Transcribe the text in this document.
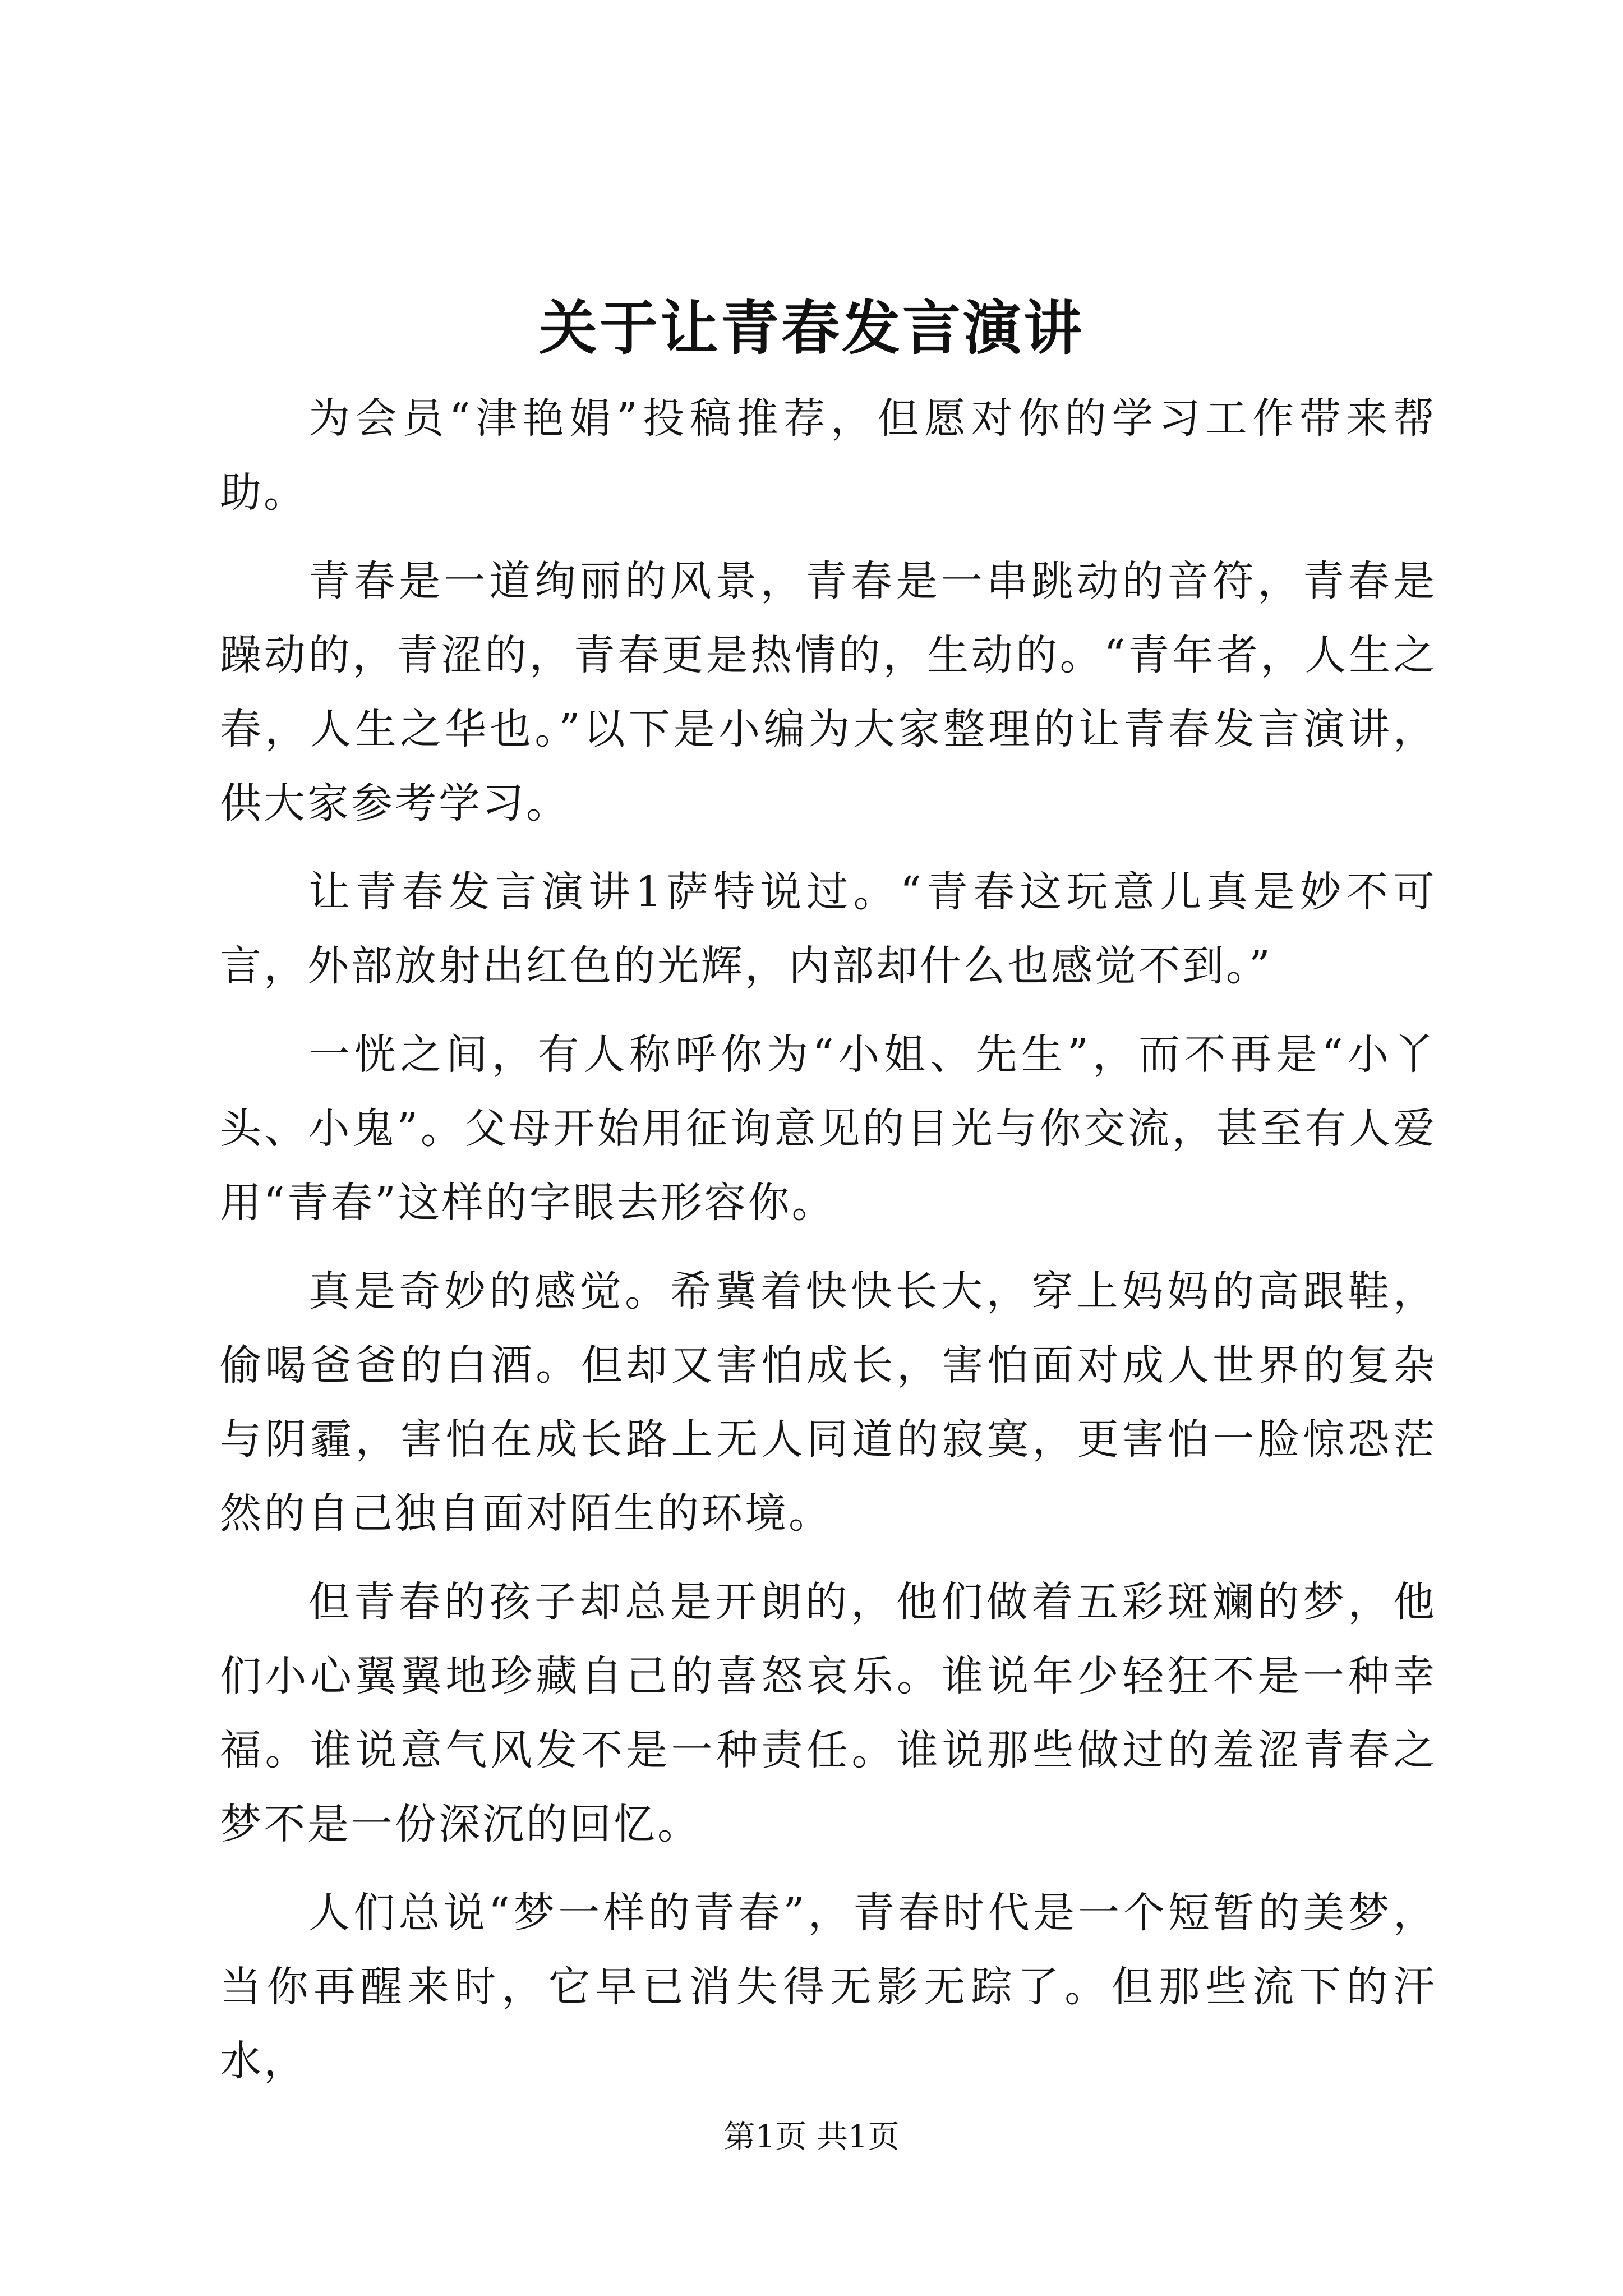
关于让青春发言演讲

为会员“津艳娟”投稿推荐，但愿对你的学习工作带来帮助。

青春是一道绚丽的风景，青春是一串跳动的音符，青春是躁动的，青涩的，青春更是热情的，生动的。“青年者，人生之春，人生之华也。”以下是小编为大家整理的让青春发言演讲，供大家参考学习。

让青春发言演讲1萨特说过。“青春这玩意儿真是妙不可言，外部放射出红色的光辉，内部却什么也感觉不到。”

一恍之间，有人称呼你为“小姐、先生”，而不再是“小丫头、小鬼”。父母开始用征询意见的目光与你交流，甚至有人爱用“青春”这样的字眼去形容你。

真是奇妙的感觉。希冀着快快长大，穿上妈妈的高跟鞋，偷喝爸爸的白酒。但却又害怕成长，害怕面对成人世界的复杂与阴霾，害怕在成长路上无人同道的寂寞，更害怕一脸惊恐茫然的自己独自面对陌生的环境。

但青春的孩子却总是开朗的，他们做着五彩斑斓的梦，他们小心翼翼地珍藏自己的喜怒哀乐。谁说年少轻狂不是一种幸福。谁说意气风发不是一种责任。谁说那些做过的羞涩青春之梦不是一份深沉的回忆。

人们总说“梦一样的青春”，青春时代是一个短暂的美梦，当你再醒来时，它早已消失得无影无踪了。但那些流下的汗水，

第1页 共1页
